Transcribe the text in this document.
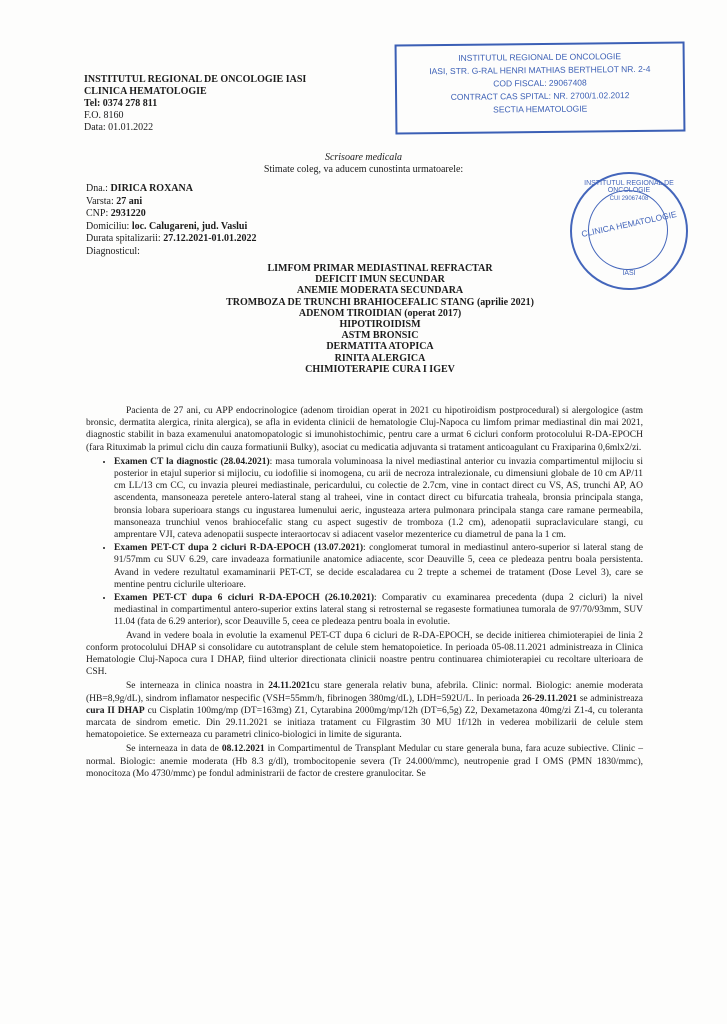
INSTITUTUL REGIONAL DE ONCOLOGIE IASI
CLINICA HEMATOLOGIE
Tel: 0374 278 811
F.O. 8160
Data: 01.01.2022
INSTITUTUL REGIONAL DE ONCOLOGIE
IASI, STR. G-RAL HENRI MATHIAS BERTHELOT NR. 2-4
COD FISCAL: 29067408
CONTRACT CAS SPITAL: NR. 2700/1.02.2012
SECTIA HEMATOLOGIE
INSTITUTUL REGIONAL DE ONCOLOGIE
CUI 29067408
CLINICA HEMATOLOGIE
IASI
Scrisoare medicala
Stimate coleg, va aducem cunostinta urmatoarele:
Dna.: DIRICA ROXANA
Varsta: 27 ani
CNP: 2931220
Domiciliu: loc. Calugareni, jud. Vaslui
Durata spitalizarii: 27.12.2021-01.01.2022
Diagnosticul:
LIMFOM PRIMAR MEDIASTINAL REFRACTAR
DEFICIT IMUN SECUNDAR
ANEMIE MODERATA SECUNDARA
TROMBOZA DE TRUNCHI BRAHIOCEFALIC STANG (aprilie 2021)
ADENOM TIROIDIAN (operat 2017)
HIPOTIROIDISM
ASTM BRONSIC
DERMATITA ATOPICA
RINITA ALERGICA
CHIMIOTERAPIE CURA I IGEV

Pacienta de 27 ani, cu APP endocrinologice (adenom tiroidian operat in 2021 cu hipotiroidism postprocedural) si alergologice (astm bronsic, dermatita alergica, rinita alergica), se afla in evidenta clinicii de hematologie Cluj-Napoca cu limfom primar mediastinal din mai 2021, diagnostic stabilit in baza examenului anatomopatologic si imunohistochimic, pentru care a urmat 6 cicluri conform protocolului R-DA-EPOCH (fara Rituximab la primul ciclu din cauza formatiunii Bulky), asociat cu medicatia adjuvanta si tratament anticoagulant cu Fraxiparina 0,6mlx2/zi.

• Examen CT la diagnostic (28.04.2021): masa tumorala voluminoasa la nivel mediastinal anterior cu invazia compartimentul mijlociu si posterior in etajul superior si mijlociu, cu iodofilie si inomogena, cu arii de necroza intralezionale, cu dimensiuni globale de 10 cm AP/11 cm LL/13 cm CC, cu invazia pleurei mediastinale, pericardului, cu colectie de 2.7cm, vine in contact direct cu VS, AS, trunchi AP, AO ascendenta, mansoneaza peretele antero-lateral stang al traheei, vine in contact direct cu bifurcatia traheala, bronsia principala stanga, bronsia lobara superioara stangs cu ingustarea lumenului aeric, ingusteaza artera pulmonara principala stanga care ramane permeabila, mansoneaza trunchiul venos brahiocefalic stang cu aspect sugestiv de tromboza (1.2 cm), adenopatii supraclaviculare stangi, cu amprentare VJI, cateva adenopatii suspecte interaortocav si adiacent vaselor mezenterice cu diametrul de pana la 1 cm.
• Examen PET-CT dupa 2 cicluri R-DA-EPOCH (13.07.2021): conglomerat tumoral in mediastinul antero-superior si lateral stang de 91/57mm cu SUV 6.29, care invadeaza formatiunile anatomice adiacente, scor Deauville 5, ceea ce pledeaza pentru boala persistenta. Avand in vedere rezultatul examaminarii PET-CT, se decide escaladarea cu 2 trepte a schemei de tratament (Dose Level 3), care se mentine pentru ciclurile ulterioare.
• Examen PET-CT dupa 6 cicluri R-DA-EPOCH (26.10.2021): Comparativ cu examinarea precedenta (dupa 2 cicluri) la nivel mediastinal in compartimentul antero-superior extins lateral stang si retrosternal se regaseste formatiunea tumorala de 97/70/93mm, SUV 11.04 (fata de 6.29 anterior), scor Deauville 5, ceea ce pledeaza pentru boala in evolutie.

Avand in vedere boala in evolutie la examenul PET-CT dupa 6 cicluri de R-DA-EPOCH, se decide initierea chimioterapiei de linia 2 conform protocolului DHAP si consolidare cu autotransplant de celule stem hematopoietice. In perioada 05-08.11.2021 administreaza in Clinica Hematologie Cluj-Napoca cura I DHAP, fiind ulterior directionata clinicii noastre pentru continuarea chimioterapiei cu recoltare ulterioara de CSH.

Se interneaza in clinica noastra in 24.11.2021cu stare generala relativ buna, afebrila. Clinic: normal. Biologic: anemie moderata (HB=8,9g/dL), sindrom inflamator nespecific (VSH=55mm/h, fibrinogen 380mg/dL), LDH=592U/L. In perioada 26-29.11.2021 se administreaza cura II DHAP cu Cisplatin 100mg/mp (DT=163mg) Z1, Cytarabina 2000mg/mp/12h (DT=6,5g) Z2, Dexametazona 40mg/zi Z1-4, cu toleranta marcata de sindrom emetic. Din 29.11.2021 se initiaza tratament cu Filgrastim 30 MU 1f/12h in vederea mobilizarii de celule stem hematopoietice. Se externeaza cu parametri clinico-biologici in limite de siguranta.

Se interneaza in data de 08.12.2021 in Compartimentul de Transplant Medular cu stare generala buna, fara acuze subiective. Clinic – normal. Biologic: anemie moderata (Hb 8.3 g/dl), trombocitopenie severa (Tr 24.000/mmc), neutropenie grad I OMS (PMN 1830/mmc), monocitoza (Mo 4730/mmc) pe fondul administrarii de factor de crestere granulocitar. Se
